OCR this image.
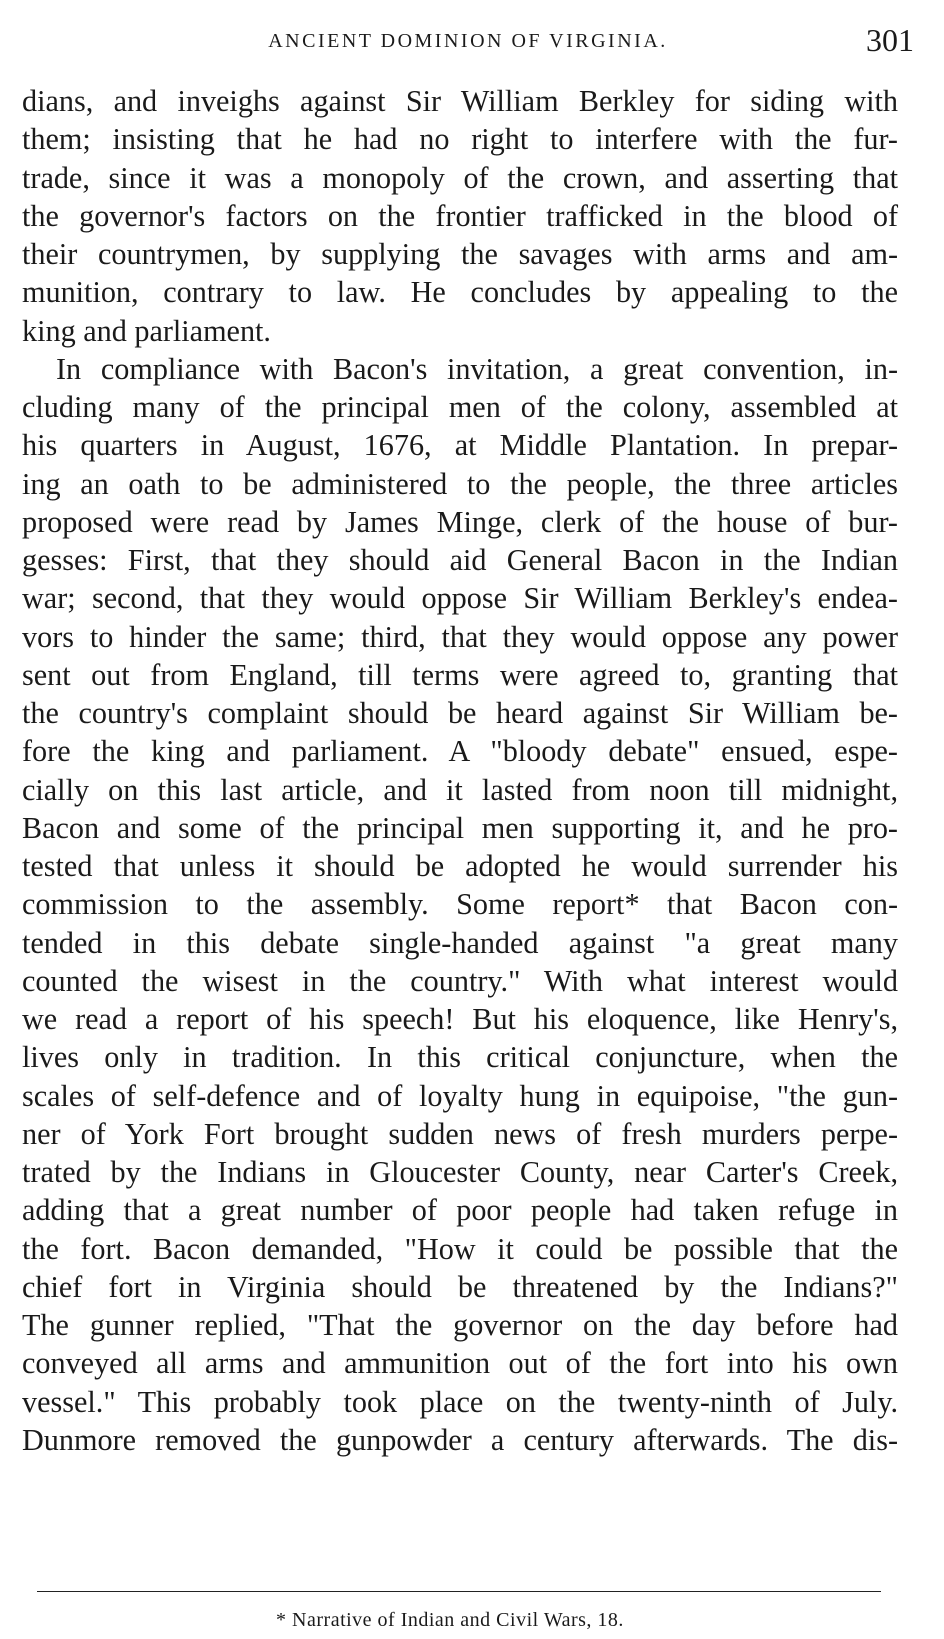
ANCIENT DOMINION OF VIRGINIA.	301
dians, and inveighs against Sir William Berkley for siding with
them; insisting that he had no right to interfere with the fur-
trade, since it was a monopoly of the crown, and asserting that
the governor's factors on the frontier trafficked in the blood of
their countrymen, by supplying the savages with arms and am-
munition, contrary to law. He concludes by appealing to the
king and parliament.
In compliance with Bacon's invitation, a great convention, in-
cluding many of the principal men of the colony, assembled at
his quarters in August, 1676, at Middle Plantation. In prepar-
ing an oath to be administered to the people, the three articles
proposed were read by James Minge, clerk of the house of bur-
gesses: First, that they should aid General Bacon in the Indian
war; second, that they would oppose Sir William Berkley's endea-
vors to hinder the same; third, that they would oppose any power
sent out from England, till terms were agreed to, granting that
the country's complaint should be heard against Sir William be-
fore the king and parliament. A "bloody debate" ensued, espe-
cially on this last article, and it lasted from noon till midnight,
Bacon and some of the principal men supporting it, and he pro-
tested that unless it should be adopted he would surrender his
commission to the assembly. Some report* that Bacon con-
tended in this debate single-handed against "a great many
counted the wisest in the country." With what interest would
we read a report of his speech! But his eloquence, like Henry's,
lives only in tradition. In this critical conjuncture, when the
scales of self-defence and of loyalty hung in equipoise, "the gun-
ner of York Fort brought sudden news of fresh murders perpe-
trated by the Indians in Gloucester County, near Carter's Creek,
adding that a great number of poor people had taken refuge in
the fort. Bacon demanded, "How it could be possible that the
chief fort in Virginia should be threatened by the Indians?"
The gunner replied, "That the governor on the day before had
conveyed all arms and ammunition out of the fort into his own
vessel." This probably took place on the twenty-ninth of July.
Dunmore removed the gunpowder a century afterwards. The dis-
* Narrative of Indian and Civil Wars, 18.
